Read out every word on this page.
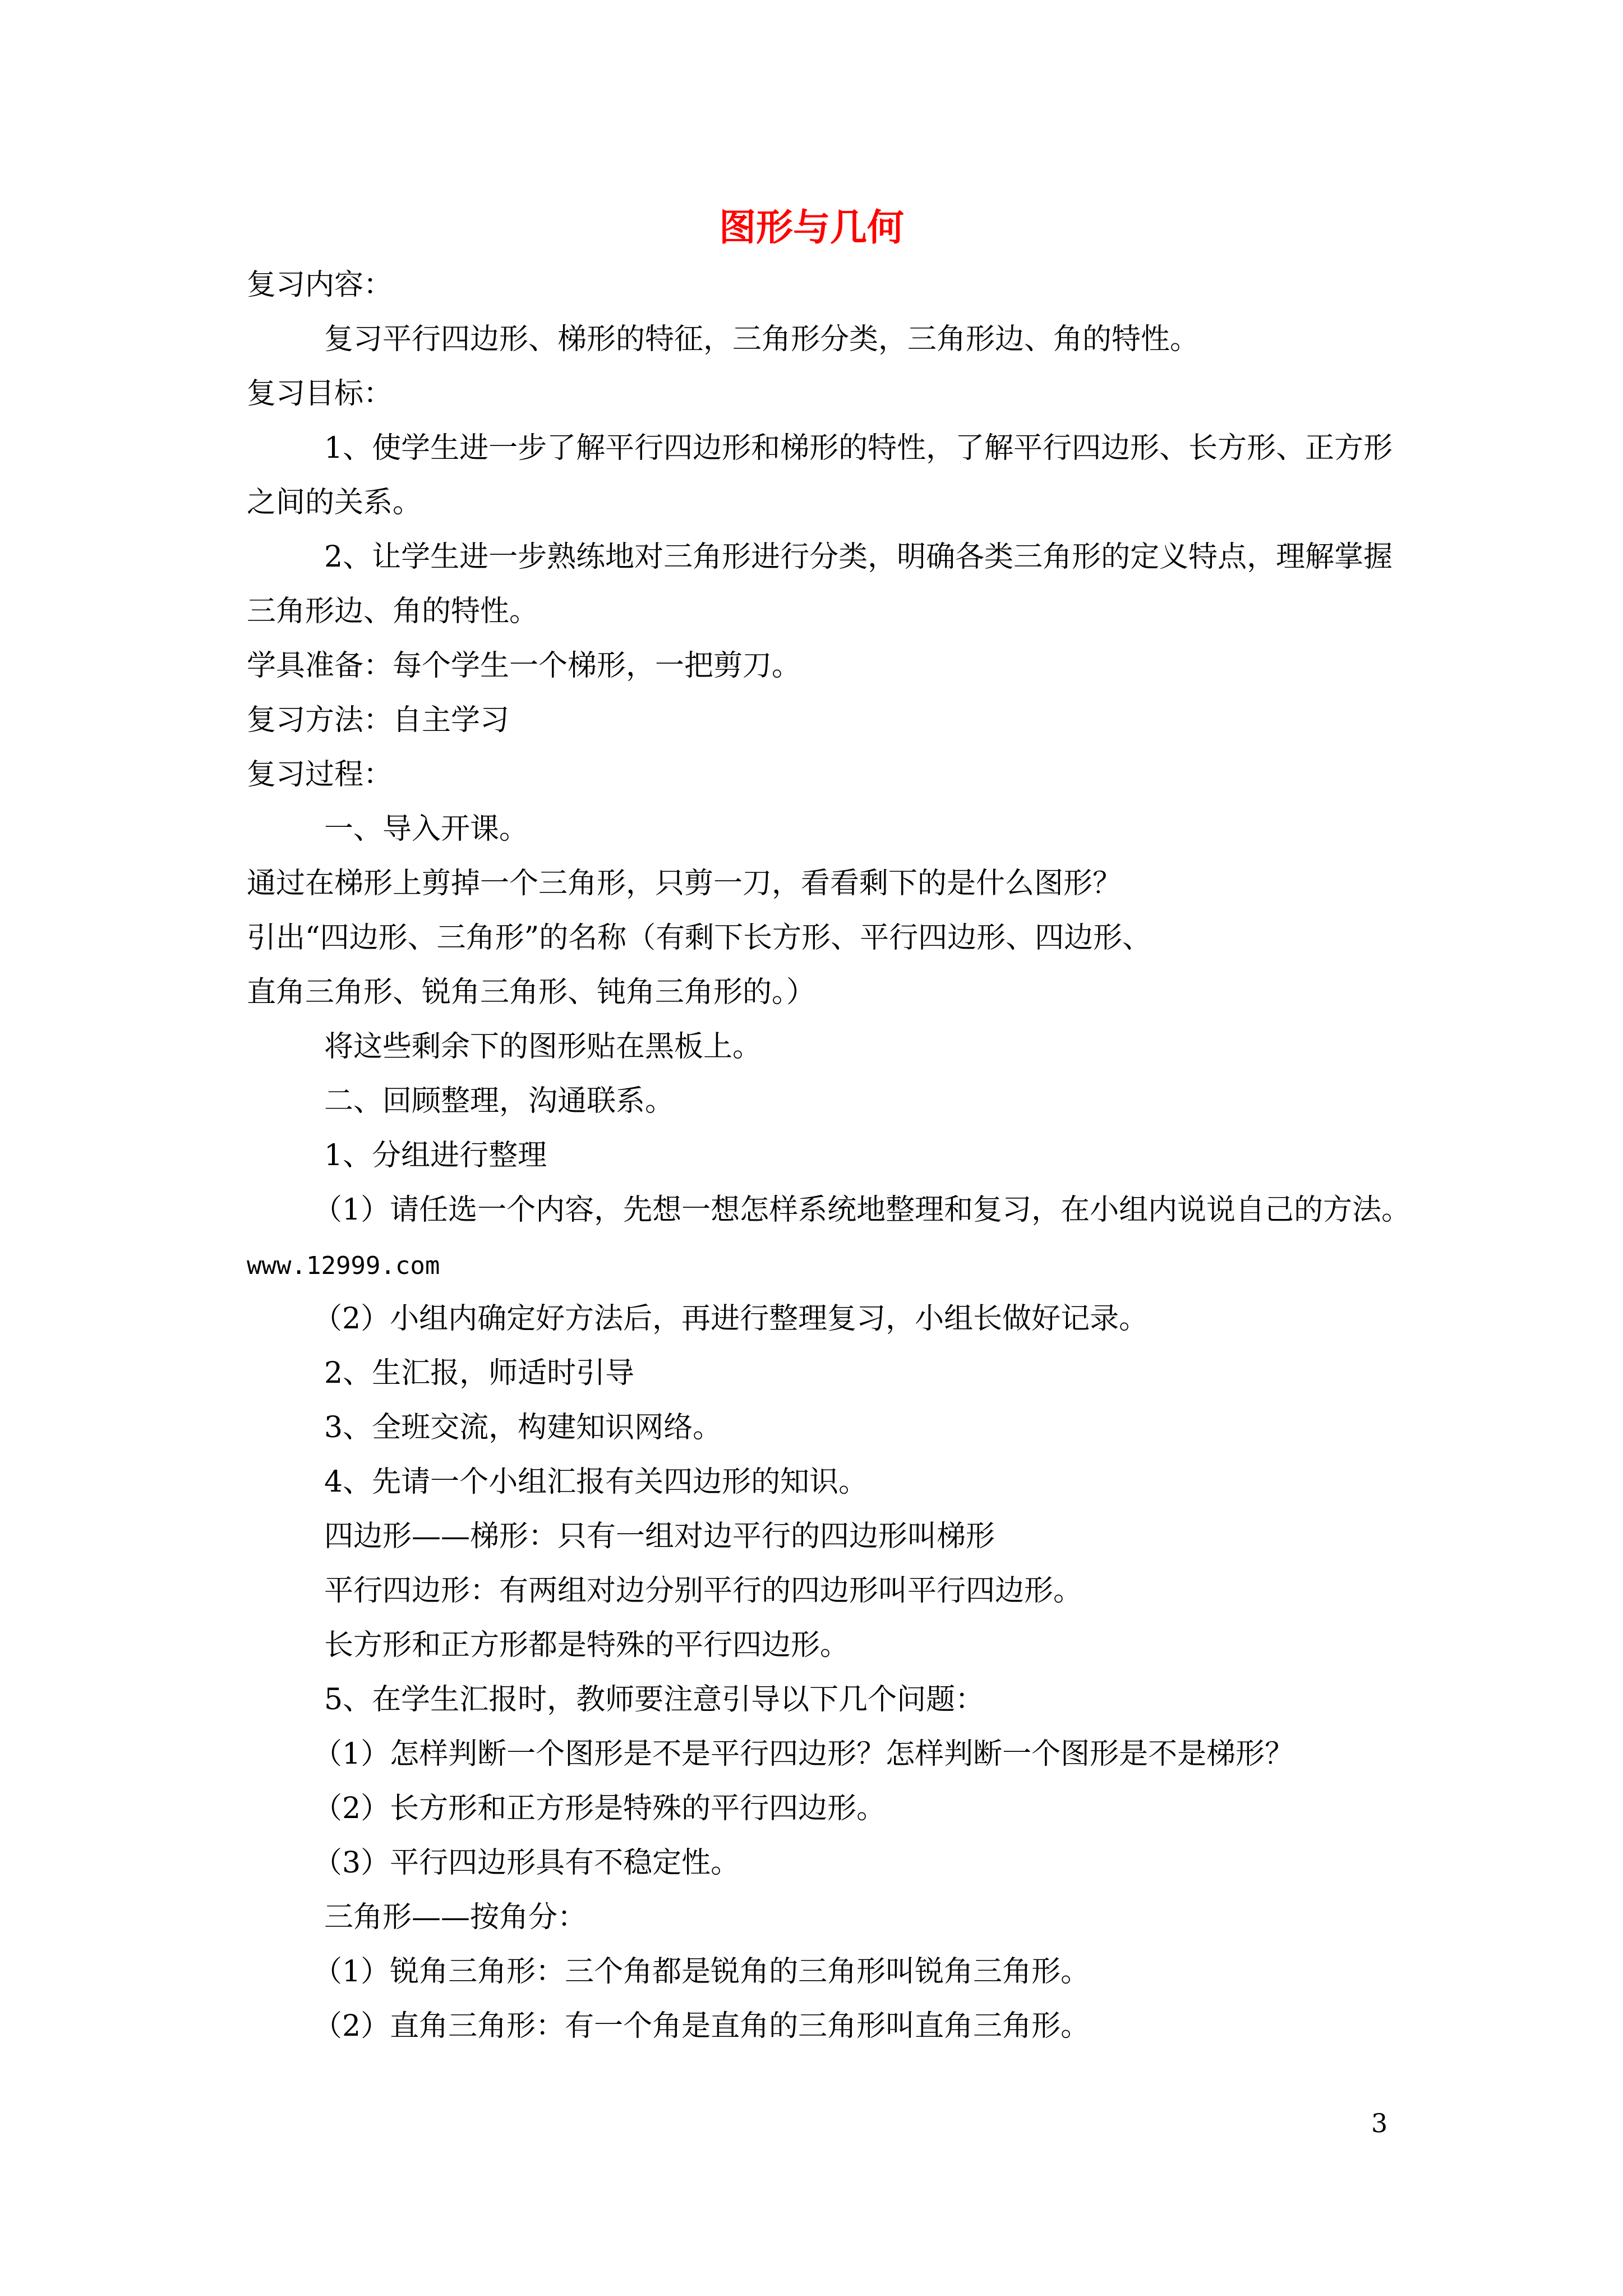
图形与几何
复习内容：
复习平行四边形、梯形的特征，三角形分类，三角形边、角的特性。
复习目标：
1、使学生进一步了解平行四边形和梯形的特性，了解平行四边形、长方形、正方形
之间的关系。
2、让学生进一步熟练地对三角形进行分类，明确各类三角形的定义特点，理解掌握
三角形边、角的特性。
学具准备：每个学生一个梯形，一把剪刀。
复习方法：自主学习
复习过程：
一、导入开课。
通过在梯形上剪掉一个三角形，只剪一刀，看看剩下的是什么图形？
引出“四边形、三角形”的名称（有剩下长方形、平行四边形、四边形、
直角三角形、锐角三角形、钝角三角形的。）
将这些剩余下的图形贴在黑板上。
二、回顾整理，沟通联系。
1、分组进行整理
（1）请任选一个内容，先想一想怎样系统地整理和复习，在小组内说说自己的方法。
www.12999.com
（2）小组内确定好方法后，再进行整理复习，小组长做好记录。
2、生汇报，师适时引导
3、全班交流，构建知识网络。
4、先请一个小组汇报有关四边形的知识。
四边形——梯形：只有一组对边平行的四边形叫梯形
平行四边形：有两组对边分别平行的四边形叫平行四边形。
长方形和正方形都是特殊的平行四边形。
5、在学生汇报时，教师要注意引导以下几个问题：
（1）怎样判断一个图形是不是平行四边形？怎样判断一个图形是不是梯形？
（2）长方形和正方形是特殊的平行四边形。
（3）平行四边形具有不稳定性。
三角形——按角分：
（1）锐角三角形：三个角都是锐角的三角形叫锐角三角形。
（2）直角三角形：有一个角是直角的三角形叫直角三角形。
3
